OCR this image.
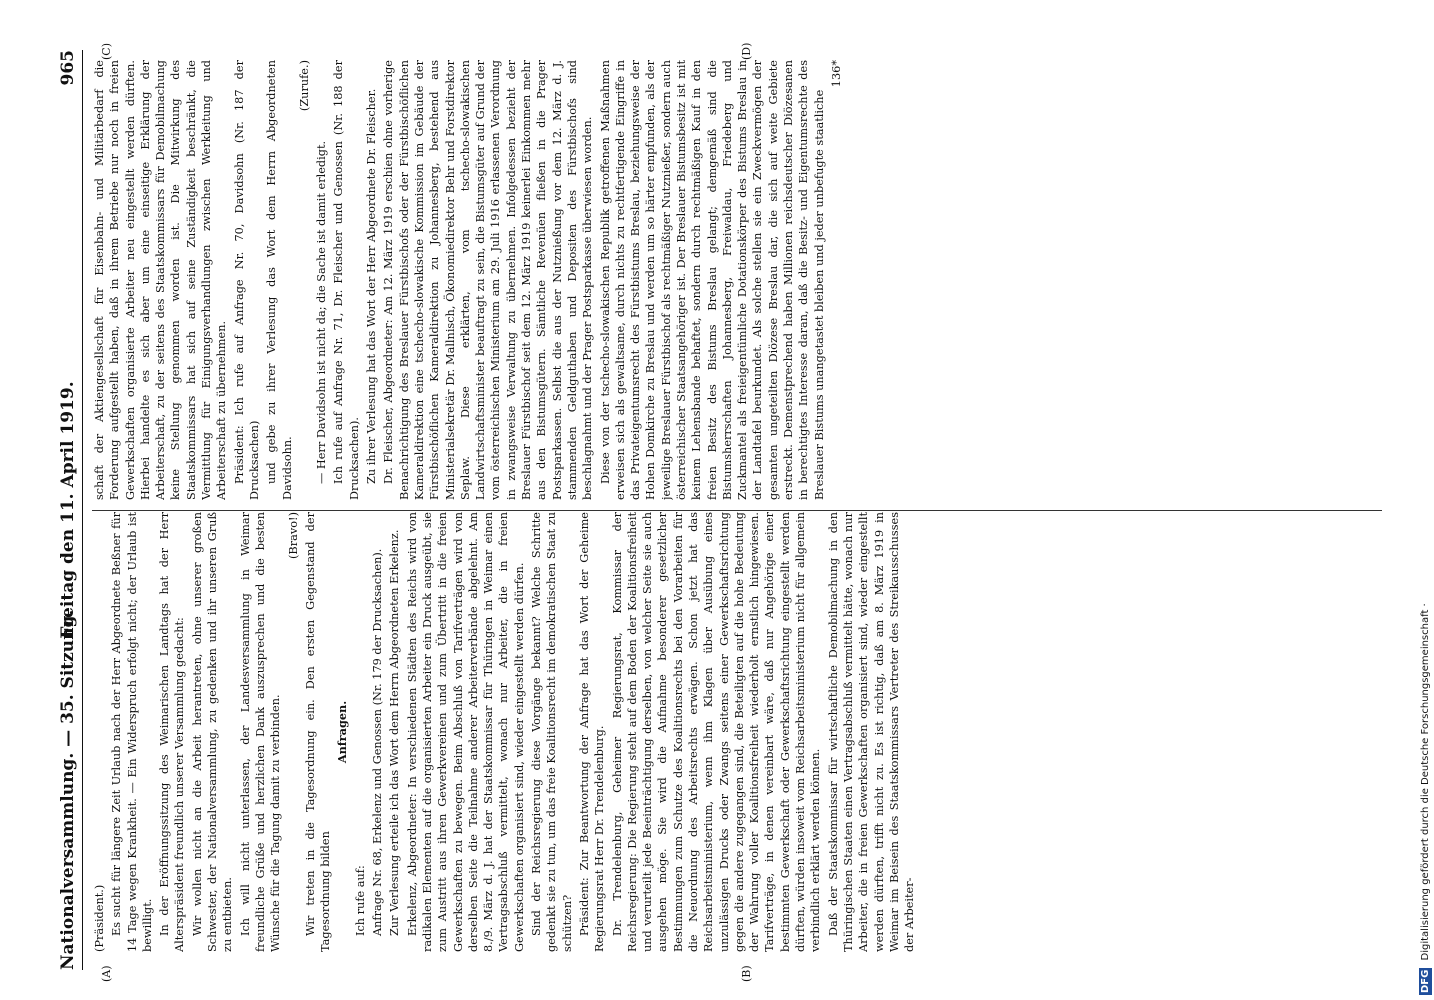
Nationalversammlung. — 35. Sitzung.
Freitag den 11. April 1919.
965
(A)	(B)
(C)	(D)

(Präsident.) Es sucht für längere Zeit Urlaub nach der Herr Abgeordnete Beßner für 14 Tage wegen Krankheit. — Ein Widerspruch erfolgt nicht; der Urlaub ist bewilligt. In der Eröffnungssitzung des Weimarischen Landtags hat der Herr Alterspräsident freundlich unserer Versammlung gedacht: Wir wollen nicht an die Arbeit herantreten, ohne unserer großen Schwester, der Nationalversammlung, zu gedenken und ihr unseren Gruß zu entbieten. Ich will nicht unterlassen, der Landesversammlung in Weimar freundliche Grüße und herzlichen Dank auszusprechen und die besten Wünsche für die Tagung damit zu verbinden.

(Bravo!) Wir treten in die Tagesordnung ein. Den ersten Gegenstand der Tagesordnung bilden

Anfragen.

Ich rufe auf: Anfrage Nr. 68, Erkelenz und Genossen (Nr. 179 der Drucksachen). Zur Verlesung erteile ich das Wort dem Herrn Abgeordneten Erkelenz. Erkelenz, Abgeordneter: In verschiedenen Städten des Reichs wird von radikalen Elementen auf die organisierten Arbeiter ein Druck ausgeübt, sie zum Austritt aus ihren Gewerkvereinen und zum Übertritt in die freien Gewerkschaften zu bewegen. Beim Abschluß von Tarifverträgen wird von derselben Seite die Teilnahme anderer Arbeiterverbände abgelehnt. Am 8./9. März d. J. hat der Staatskommissar für Thüringen in Weimar einen Vertragsabschluß vermittelt, wonach nur Arbeiter, die in freien Gewerkschaften organisiert sind, wieder eingestellt werden dürfen. Sind der Reichsregierung diese Vorgänge bekannt? Welche Schritte gedenkt sie zu tun, um das freie Koalitionsrecht im demokratischen Staat zu schützen? Präsident: Zur Beantwortung der Anfrage hat das Wort der Geheime Regierungsrat Herr Dr. Trendelenburg. Dr. Trendelenburg, Geheimer Regierungsrat, Kommissar der Reichsregierung: Die Regierung steht auf dem Boden der Koalitionsfreiheit und verurteilt jede Beeinträchtigung derselben, von welcher Seite sie auch ausgehen möge. Sie wird die Aufnahme besonderer gesetzlicher Bestimmungen zum Schutze des Koalitionsrechts bei den Vorarbeiten für die Neuordnung des Arbeitsrechts erwägen. Schon jetzt hat das Reichsarbeitsministerium, wenn ihm Klagen über Ausübung eines unzulässigen Drucks oder Zwangs seitens einer Gewerkschaftsrichtung gegen die andere zugegangen sind, die Beteiligten auf die hohe Bedeutung der Wahrung voller Koalitionsfreiheit wiederholt ernstlich hingewiesen. Tarifverträge, in denen vereinbart wäre, daß nur Angehörige einer bestimmten Gewerkschaft oder Gewerkschaftsrichtung eingestellt werden dürften, würden insoweit vom Reichsarbeitsministerium nicht für allgemein verbindlich erklärt werden können. Daß der Staatskommissar für wirtschaftliche Demobilmachung in den Thüringischen Staaten einen Vertragsabschluß vermittelt hätte, wonach nur Arbeiter, die in freien Gewerkschaften organisiert sind, wieder eingestellt werden dürften, trifft nicht zu. Es ist richtig, daß am 8. März 1919 in Weimar im Beisein des Staatskommissars Vertreter des Streikausschusses der Arbeiter-

schaft der Aktiengesellschaft für Eisenbahn- und Militärbedarf die Forderung aufgestellt haben, daß in ihrem Betriebe nur noch in freien Gewerkschaften organisierte Arbeiter neu eingestellt werden dürften. Hierbei handelte es sich aber um eine einseitige Erklärung der Arbeiterschaft, zu der seitens des Staatskommissars für Demobilmachung keine Stellung genommen worden ist. Die Mitwirkung des Staatskommissars hat sich auf seine Zuständigkeit beschränkt, die Vermittlung für Einigungsverhandlungen zwischen Werkleitung und Arbeiterschaft zu übernehmen. Präsident: Ich rufe auf Anfrage Nr. 70, Davidsohn (Nr. 187 der Drucksachen) und gebe zu ihrer Verlesung das Wort dem Herrn Abgeordneten Davidsohn.

(Zurufe.)

— Herr Davidsohn ist nicht da; die Sache ist damit erledigt. Ich rufe auf Anfrage Nr. 71, Dr. Fleischer und Genossen (Nr. 188 der Drucksachen). Zu ihrer Verlesung hat das Wort der Herr Abgeordnete Dr. Fleischer. Dr. Fleischer, Abgeordneter: Am 12. März 1919 erschien ohne vorherige Benachrichtigung des Breslauer Fürstbischofs oder der Fürstbischöflichen Kameraldirektion eine tschecho-slowakische Kommission im Gebäude der Fürstbischöflichen Kameraldirektion zu Johannesberg, bestehend aus Ministerialsekretär Dr. Mallnisch, Ökonomiedirektor Behr und Forstdirektor Seplaw. Diese erklärten, vom tschecho-slowakischen Landwirtschaftsminister beauftragt zu sein, die Bistumsgüter auf Grund der vom österreichischen Ministerium am 29. Juli 1916 erlassenen Verordnung in zwangsweise Verwaltung zu übernehmen. Infolgedessen bezieht der Breslauer Fürstbischof seit dem 12. März 1919 keinerlei Einkommen mehr aus den Bistumsgütern. Sämtliche Revenüen fließen in die Prager Postsparkassen. Selbst die aus der Nutznießung vor dem 12. März d. J. stammenden Geldguthaben und Depositen des Fürstbischofs sind beschlagnahmt und der Prager Postsparkasse überwiesen worden. Diese von der tschecho-slowakischen Republik getroffenen Maßnahmen erweisen sich als gewaltsame, durch nichts zu rechtfertigende Eingriffe in das Privateigentumsrecht des Fürstbistums Breslau, beziehungsweise der Hohen Domkirche zu Breslau und werden um so härter empfunden, als der jeweilige Breslauer Fürstbischof als rechtmäßiger Nutznießer, sondern auch österreichischer Staatsangehöriger ist. Der Breslauer Bistumsbesitz ist mit keinem Lehensbande behaftet, sondern durch rechtmäßigen Kauf in den freien Besitz des Bistums Breslau gelangt; demgemäß sind die Bistumsherrschaften Johannesberg, Freiwaldau, Friedeberg und Zuckmantel als freieigentümliche Dotationskörper des Bistums Breslau in der Landtafel beurkundet. Als solche stellen sie ein Zweckvermögen der gesamten ungeteilten Diözese Breslau dar, die sich auf weite Gebiete erstreckt. Demenstprechend haben Millionen reichsdeutscher Diözesanen in berechtigtes Interesse daran, daß die Besitz- und Eigentumsrechte des Breslauer Bistums unangetastet bleiben und jeder unbefugte staatliche

136*

DFG Digitalisierung gefördert durch die Deutsche Forschungsgemeinschaft ·
